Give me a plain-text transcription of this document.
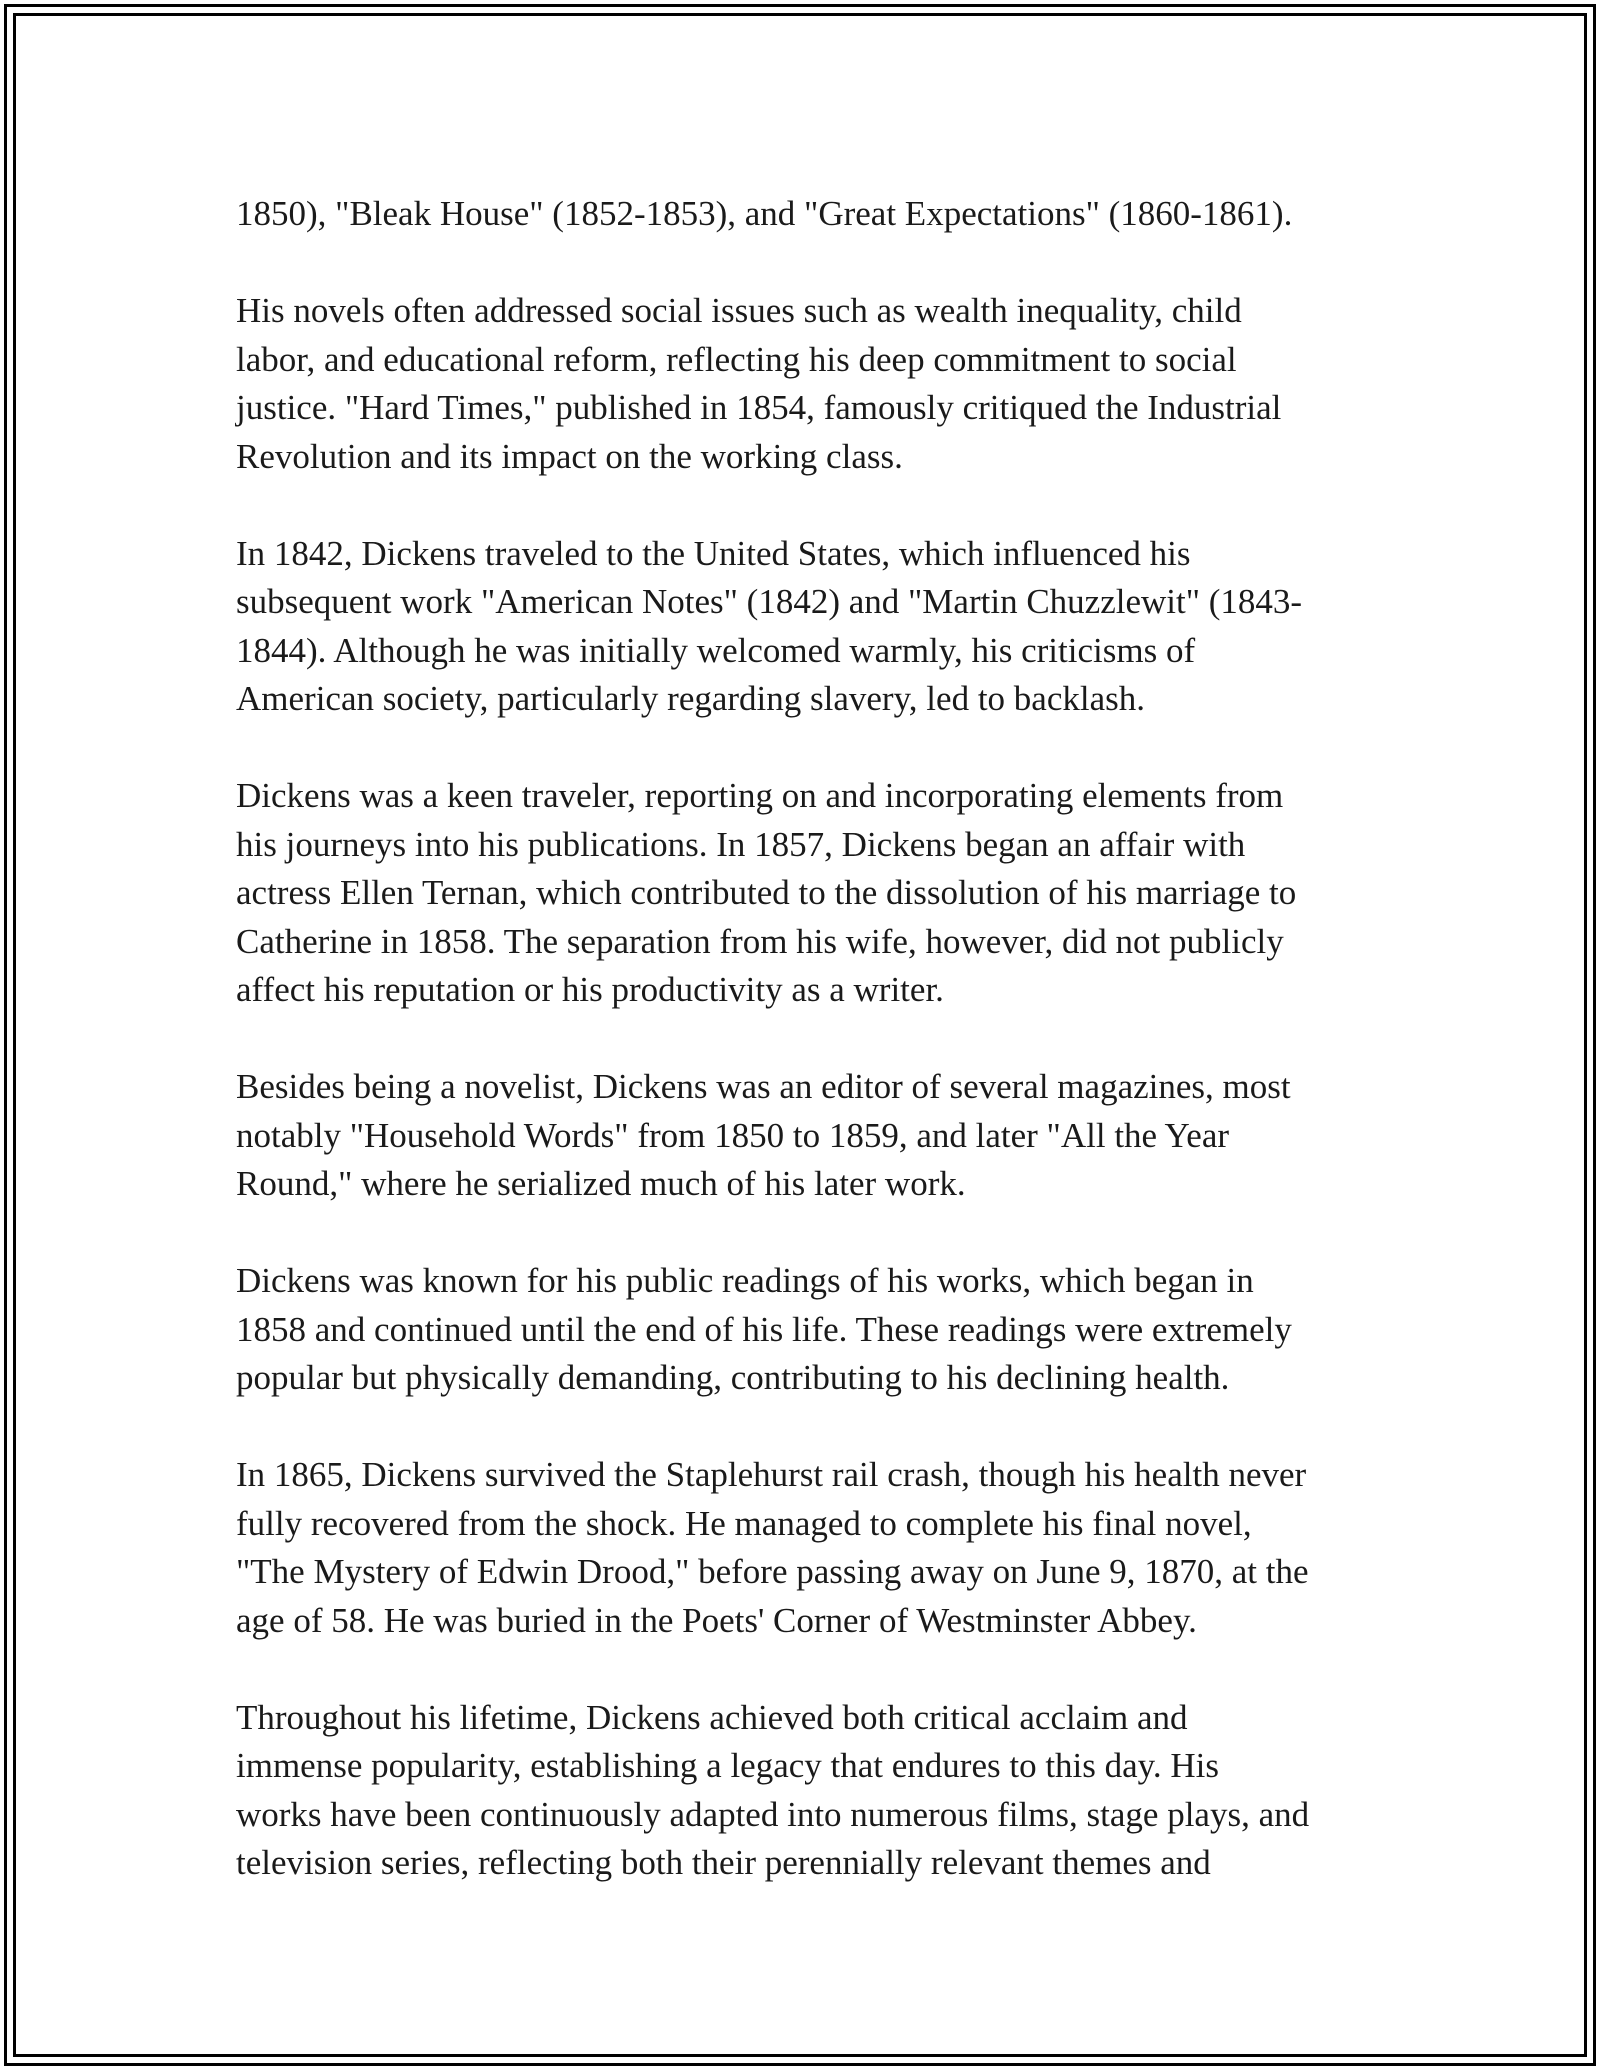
1850), "Bleak House" (1852-1853), and "Great Expectations" (1860-1861).

His novels often addressed social issues such as wealth inequality, child
labor, and educational reform, reflecting his deep commitment to social
justice. "Hard Times," published in 1854, famously critiqued the Industrial
Revolution and its impact on the working class.

In 1842, Dickens traveled to the United States, which influenced his
subsequent work "American Notes" (1842) and "Martin Chuzzlewit" (1843-
1844). Although he was initially welcomed warmly, his criticisms of
American society, particularly regarding slavery, led to backlash.

Dickens was a keen traveler, reporting on and incorporating elements from
his journeys into his publications. In 1857, Dickens began an affair with
actress Ellen Ternan, which contributed to the dissolution of his marriage to
Catherine in 1858. The separation from his wife, however, did not publicly
affect his reputation or his productivity as a writer.

Besides being a novelist, Dickens was an editor of several magazines, most
notably "Household Words" from 1850 to 1859, and later "All the Year
Round," where he serialized much of his later work.

Dickens was known for his public readings of his works, which began in
1858 and continued until the end of his life. These readings were extremely
popular but physically demanding, contributing to his declining health.

In 1865, Dickens survived the Staplehurst rail crash, though his health never
fully recovered from the shock. He managed to complete his final novel,
"The Mystery of Edwin Drood," before passing away on June 9, 1870, at the
age of 58. He was buried in the Poets' Corner of Westminster Abbey.

Throughout his lifetime, Dickens achieved both critical acclaim and
immense popularity, establishing a legacy that endures to this day. His
works have been continuously adapted into numerous films, stage plays, and
television series, reflecting both their perennially relevant themes and
